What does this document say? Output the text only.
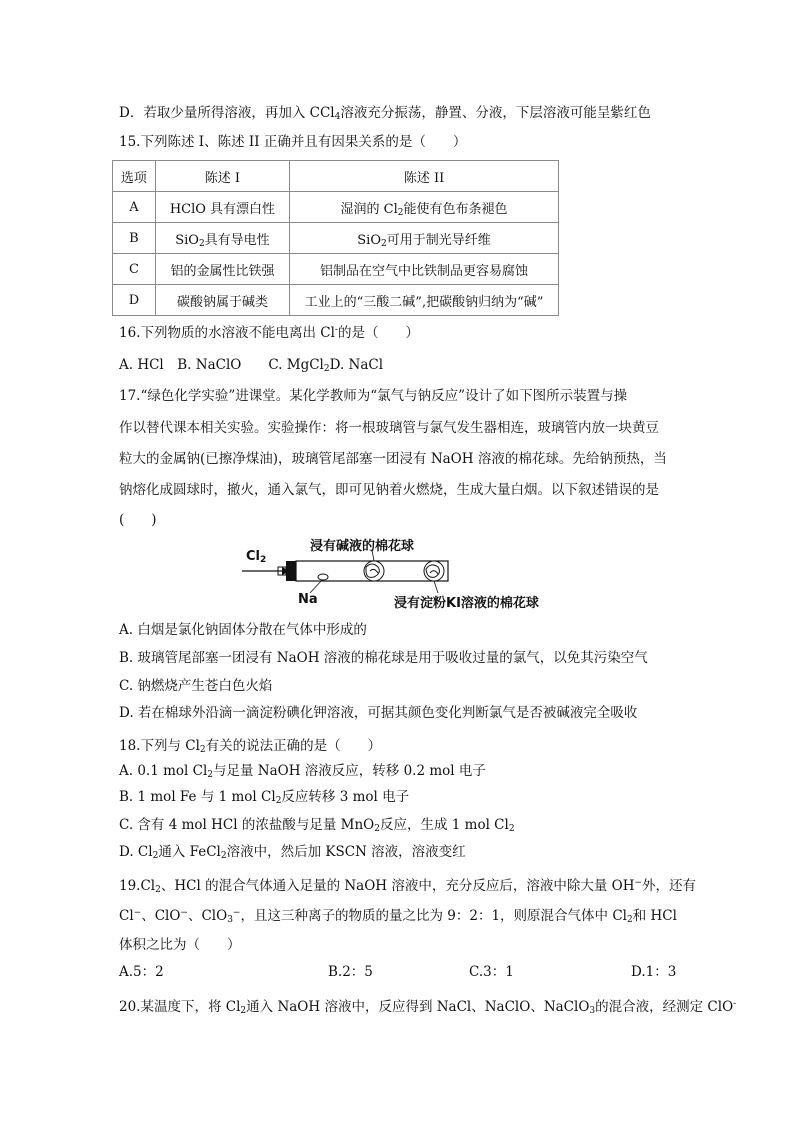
D．若取少量所得溶液，再加入 CCl$_4$溶液充分振荡，静置、分液，下层溶液可能呈紫红色
15.下列陈述 I、陈述 II 正确并且有因果关系的是（　　）
选项	陈述 I	陈述 II
A	HClO 具有漂白性	湿润的 $Cl_2$能使有色布条褪色
B	SiO$_2$具有导电性	SiO$_2$可用于制光导纤维
C	铝的金属性比铁强	铝制品在空气中比铁制品更容易腐蚀
D	碳酸钠属于碱类	工业上的“三酸二碱”,把碳酸钠归纳为“碱”
16.下列物质的水溶液不能电离出 Cl-的是（　　）
A. HCl　B. NaClO　　C. MgCl$_2$D. NaCl
17.“绿色化学实验”进课堂。某化学教师为“氯气与钠反应”设计了如下图所示装置与操
作以替代课本相关实验。实验操作：将一根玻璃管与氯气发生器相连，玻璃管内放一块黄豆
粒大的金属钠(已擦净煤油)，玻璃管尾部塞一团浸有 NaOH 溶液的棉花球。先给钠预热，当
钠熔化成圆球时，撤火，通入氯气，即可见钠着火燃烧，生成大量白烟。以下叙述错误的是
(　　)
$Cl_2$
浸有碱液的棉花球
Na	浸有淀粉KI溶液的棉花球
A. 白烟是氯化钠固体分散在气体中形成的
B. 玻璃管尾部塞一团浸有 NaOH 溶液的棉花球是用于吸收过量的氯气，以免其污染空气
C. 钠燃烧产生苍白色火焰
D. 若在棉球外沿滴一滴淀粉碘化钾溶液，可据其颜色变化判断氯气是否被碱液完全吸收
18.下列与 $Cl_2$有关的说法正确的是（　　）
A. 0.1 mol $Cl_2$与足量 NaOH 溶液反应，转移 0.2 mol 电子
B. 1 mol Fe 与 1 mol $Cl_2$反应转移 3 mol 电子
C. 含有 4 mol HCl 的浓盐酸与足量 MnO$_2$反应，生成 1 mol $Cl_2$
D. $Cl_2$通入 FeCl$_2$溶液中，然后加 KSCN 溶液，溶液变红
$19.Cl_2$、HCl 的混合气体通入足量的 NaOH 溶液中，充分反应后，溶液中除大量 OH−外，还有
Cl−、ClO−、ClO$_3$−，且这三种离子的物质的量之比为 9：2：1，则原混合气体中 $Cl_2$和 HCl
体积之比为（　　）
A.5：2	B.2：5	C.3：1	D.1：3
20.某温度下，将 $Cl_2$通入 NaOH 溶液中，反应得到 NaCl、NaClO、NaClO$_3$的混合液，经测定 ClO-
